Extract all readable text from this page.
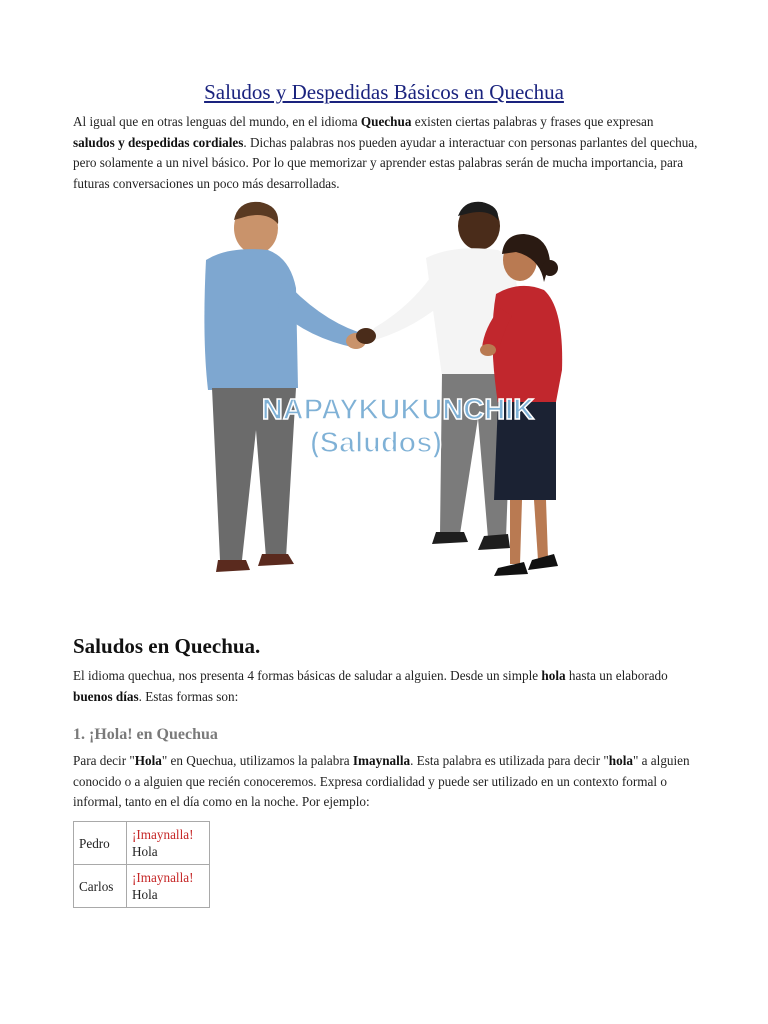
Saludos y Despedidas Básicos en Quechua

Al igual que en otras lenguas del mundo, en el idioma Quechua existen ciertas palabras y frases que expresan saludos y despedidas cordiales. Dichas palabras nos pueden ayudar a interactuar con personas parlantes del quechua, pero solamente a un nivel básico. Por lo que memorizar y aprender estas palabras serán de mucha importancia, para futuras conversaciones un poco más desarrolladas.

NAPAYKUKUNCHIK
(Saludos)
Saludos en Quechua.

El idioma quechua, nos presenta 4 formas básicas de saludar a alguien. Desde un simple hola hasta un elaborado buenos días. Estas formas son:

1. ¡Hola! en Quechua

Para decir "Hola" en Quechua, utilizamos la palabra Imaynalla. Esta palabra es utilizada para decir "hola" a alguien conocido o a alguien que recién conoceremos. Expresa cordialidad y puede ser utilizado en un contexto formal o informal, tanto en el día como en la noche. Por ejemplo:

Pedro	¡Imaynalla!
Hola
Carlos	¡Imaynalla!
Hola
